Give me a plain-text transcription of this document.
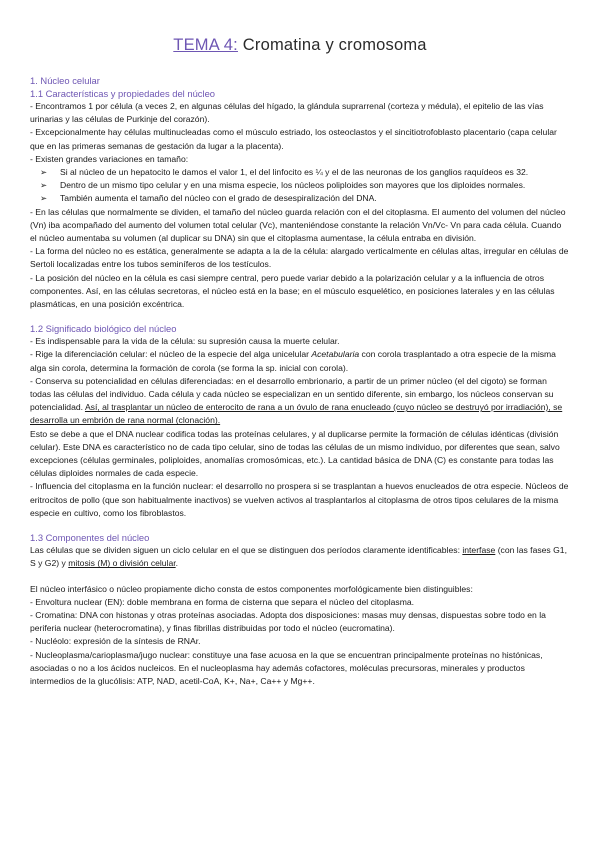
TEMA 4: Cromatina y cromosoma
1. Núcleo celular
1.1 Características y propiedades del núcleo

- Encontramos 1 por célula (a veces 2, en algunas células del hígado, la glándula suprarrenal (corteza y médula), el epitelio de las vías urinarias y las células de Purkinje del corazón).

- Excepcionalmente hay células multinucleadas como el músculo estriado, los osteoclastos y el sincitiotrofoblasto placentario (capa celular que en las primeras semanas de gestación da lugar a la placenta).

- Existen grandes variaciones en tamaño:

➢ Si al núcleo de un hepatocito le damos el valor 1, el del linfocito es ¼ y el de las neuronas de los ganglios raquídeos es 32.

➢ Dentro de un mismo tipo celular y en una misma especie, los núcleos poliploides son mayores que los diploides normales.

➢ También aumenta el tamaño del núcleo con el grado de desespiralización del DNA.

- En las células que normalmente se dividen, el tamaño del núcleo guarda relación con el del citoplasma. El aumento del volumen del núcleo (Vn) iba acompañado del aumento del volumen total celular (Vc), manteniéndose constante la relación Vn/Vc- Vn para cada célula. Cuando el núcleo aumentaba su volumen (al duplicar su DNA) sin que el citoplasma aumentase, la célula entraba en división.

- La forma del núcleo no es estática, generalmente se adapta a la de la célula: alargado verticalmente en células altas, irregular en células de Sertoli localizadas entre los tubos seminíferos de los testículos.

- La posición del núcleo en la célula es casi siempre central, pero puede variar debido a la polarización celular y a la influencia de otros componentes. Así, en las células secretoras, el núcleo está en la base; en el músculo esquelético, en posiciones laterales y en las células plasmáticas, en una posición excéntrica.

1.2 Significado biológico del núcleo

- Es indispensable para la vida de la célula: su supresión causa la muerte celular.

- Rige la diferenciación celular: el núcleo de la especie del alga unicelular Acetabularia con corola trasplantado a otra especie de la misma alga sin corola, determina la formación de corola (se forma la sp. inicial con corola).

- Conserva su potencialidad en células diferenciadas: en el desarrollo embrionario, a partir de un primer núcleo (el del cigoto) se forman todas las células del individuo. Cada célula y cada núcleo se especializan en un sentido diferente, sin embargo, los núcleos conservan su potencialidad. Así, al trasplantar un núcleo de enterocito de rana a un óvulo de rana enucleado (cuyo núcleo se destruyó por irradiación), se desarrolla un embrión de rana normal (clonación).

Esto se debe a que el DNA nuclear codifica todas las proteínas celulares, y al duplicarse permite la formación de células idénticas (división celular). Este DNA es característico no de cada tipo celular, sino de todas las células de un mismo individuo, por diferentes que sean, salvo excepciones (células germinales, poliploides, anomalías cromosómicas, etc.). La cantidad básica de DNA (C) es constante para todas las células diploides normales de cada especie.

- Influencia del citoplasma en la función nuclear: el desarrollo no prospera si se trasplantan a huevos enucleados de otra especie. Núcleos de eritrocitos de pollo (que son habitualmente inactivos) se vuelven activos al trasplantarlos al citoplasma de otros tipos celulares de la misma especie en cultivo, como los fibroblastos.

1.3 Componentes del núcleo

Las células que se dividen siguen un ciclo celular en el que se distinguen dos períodos claramente identificables: interfase (con las fases G1, S y G2) y mitosis (M) o división celular.

El núcleo interfásico o núcleo propiamente dicho consta de estos componentes morfológicamente bien distinguibles:

- Envoltura nuclear (EN): doble membrana en forma de cisterna que separa el núcleo del citoplasma.

- Cromatina: DNA con histonas y otras proteínas asociadas. Adopta dos disposiciones: masas muy densas, dispuestas sobre todo en la periferia nuclear (heterocromatina), y finas fibrillas distribuidas por todo el núcleo (eucromatina).

- Nucléolo: expresión de la síntesis de RNAr.

- Nucleoplasma/carioplasma/jugo nuclear: constituye una fase acuosa en la que se encuentran principalmente proteínas no histónicas, asociadas o no a los ácidos nucleicos. En el nucleoplasma hay además cofactores, moléculas precursoras, minerales y productos intermedios de la glucólisis: ATP, NAD, acetil-CoA, K+, Na+, Ca++ y Mg++.
